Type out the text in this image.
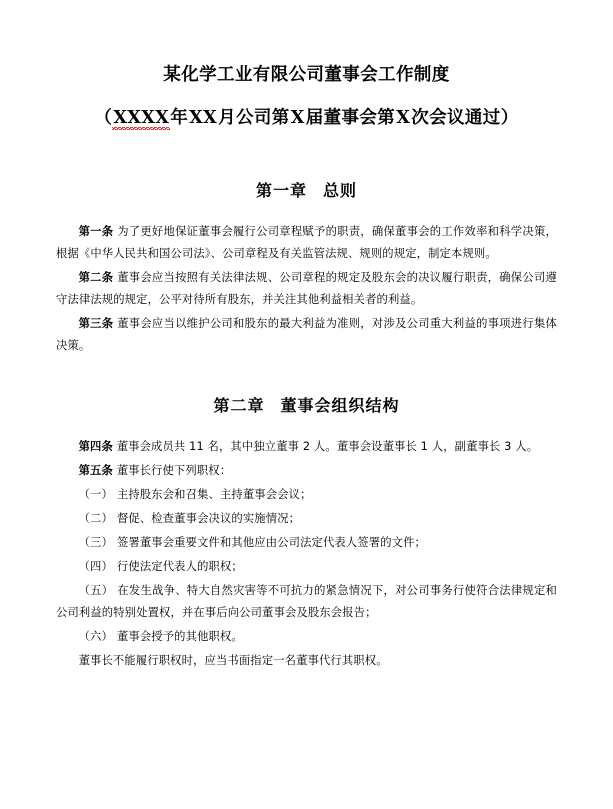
某化学工业有限公司董事会工作制度
（XXXX年XX月公司第X届董事会第X次会议通过）
第一章 总则

第一条 为了更好地保证董事会履行公司章程赋予的职责，确保董事会的工作效率和科学决策，根据《中华人民共和国公司法》、公司章程及有关监管法规、规则的规定，制定本规则。

第二条 董事会应当按照有关法律法规、公司章程的规定及股东会的决议履行职责，确保公司遵守法律法规的规定，公平对待所有股东，并关注其他利益相关者的利益。

第三条 董事会应当以维护公司和股东的最大利益为准则，对涉及公司重大利益的事项进行集体决策。

第二章 董事会组织结构

第四条 董事会成员共 11 名，其中独立董事 2 人。董事会设董事长 1 人，副董事长 3 人。

第五条 董事长行使下列职权：

（一） 主持股东会和召集、主持董事会会议；

（二） 督促、检查董事会决议的实施情况；

（三） 签署董事会重要文件和其他应由公司法定代表人签署的文件；

（四） 行使法定代表人的职权；

（五） 在发生战争、特大自然灾害等不可抗力的紧急情况下，对公司事务行使符合法律规定和公司利益的特别处置权，并在事后向公司董事会及股东会报告；

（六） 董事会授予的其他职权。

董事长不能履行职权时，应当书面指定一名董事代行其职权。
